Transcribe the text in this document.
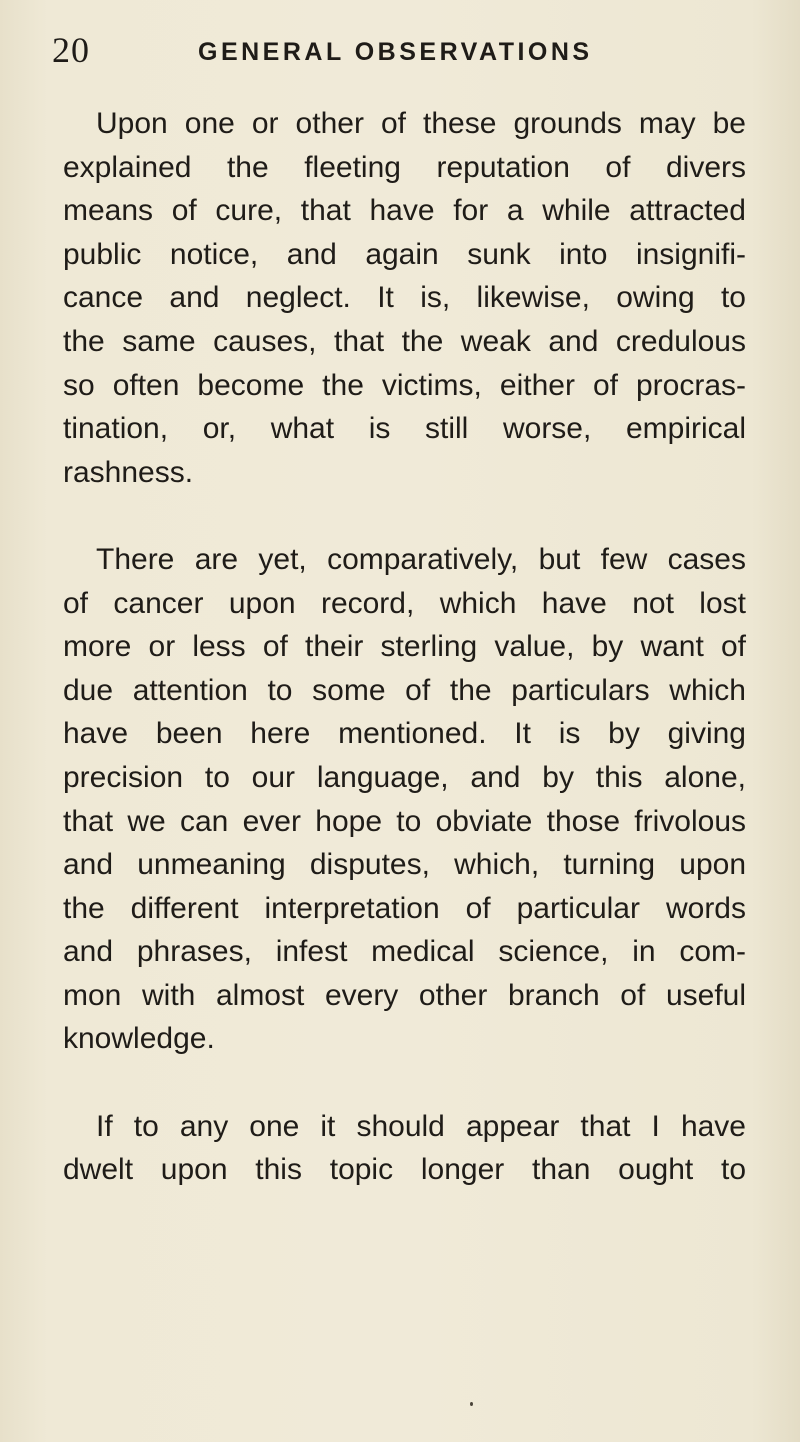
20	GENERAL OBSERVATIONS

Upon one or other of these grounds may be
explained the fleeting reputation of divers
means of cure, that have for a while attracted
public notice, and again sunk into insignifi-
cance and neglect. It is, likewise, owing to
the same causes, that the weak and credulous
so often become the victims, either of procras-
tination, or, what is still worse, empirical
rashness.

There are yet, comparatively, but few cases
of cancer upon record, which have not lost
more or less of their sterling value, by want of
due attention to some of the particulars which
have been here mentioned. It is by giving
precision to our language, and by this alone,
that we can ever hope to obviate those frivolous
and unmeaning disputes, which, turning upon
the different interpretation of particular words
and phrases, infest medical science, in com-
mon with almost every other branch of useful
knowledge.

If to any one it should appear that I have
dwelt upon this topic longer than ought to
